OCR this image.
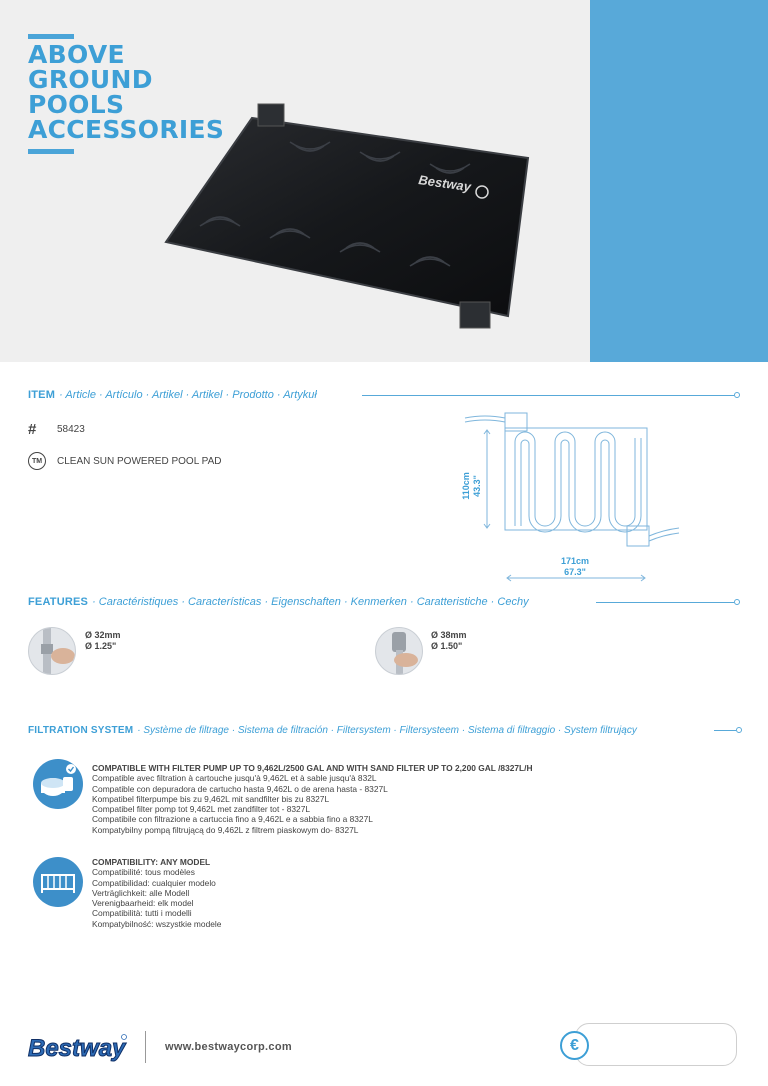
ABOVE
GROUND
POOLS
ACCESSORIES
Bestway
ITEM · Article · Artículo · Artikel · Artikel · Prodotto · Artykuł
#	58423
TM	CLEAN SUN POWERED POOL PAD
110cm 43.3"
171cm
67.3"
FEATURES · Caractéristiques · Características · Eigenschaften · Kenmerken · Caratteristiche · Cechy
Ø 32mm
Ø 1.25"
Ø 38mm
Ø 1.50"
FILTRATION SYSTEM · Système de filtrage · Sistema de filtración · Filtersystem · Filtersysteem · Sistema di filtraggio · System filtrujący
COMPATIBLE WITH FILTER PUMP UP TO 9,462L/2500 GAL AND WITH SAND FILTER UP TO 2,200 GAL /8327L/H
Compatible avec filtration à cartouche jusqu'à 9,462L et à sable jusqu'à 832L
Compatible con depuradora de cartucho hasta 9,462L o de arena hasta - 8327L
Kompatibel filterpumpe bis zu 9,462L mit sandfilter bis zu 8327L
Compatibel filter pomp tot 9,462L met zandfilter tot - 8327L
Compatibile con filtrazione a cartuccia fino a 9,462L e a sabbia fino a 8327L
Kompatybilny pompą filtrującą do 9,462L z filtrem piaskowym do- 8327L
COMPATIBILITY: ANY MODEL
Compatibilité: tous modèles
Compatibilidad: cualquier modelo
Verträglichkeit: alle Modell
Verenigbaarheid: elk model
Compatibilità: tutti i modelli
Kompatybilność: wszystkie modele
Bestway	www.bestwaycorp.com	€
